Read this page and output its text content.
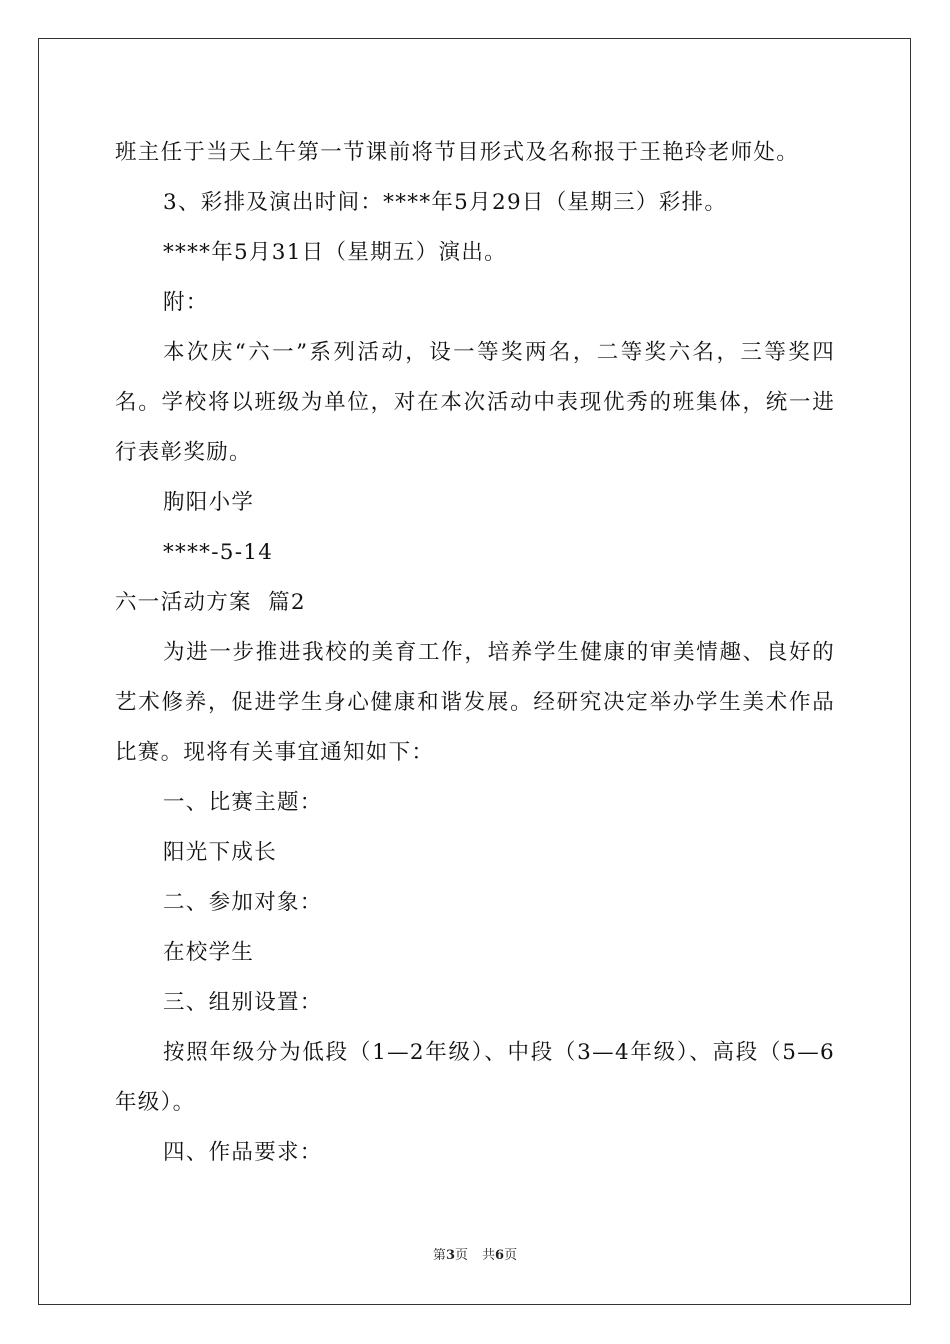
班主任于当天上午第一节课前将节目形式及名称报于王艳玲老师处。

3、彩排及演出时间：****年5月29日（星期三）彩排。

****年5月31日（星期五）演出。

附：

本次庆“六一”系列活动，设一等奖两名，二等奖六名，三等奖四名。学校将以班级为单位，对在本次活动中表现优秀的班集体，统一进行表彰奖励。

朐阳小学

****-5-14

六一活动方案  篇2

为进一步推进我校的美育工作，培养学生健康的审美情趣、良好的艺术修养，促进学生身心健康和谐发展。经研究决定举办学生美术作品比赛。现将有关事宜通知如下：

一、比赛主题：

阳光下成长

二、参加对象：

在校学生

三、组别设置：

按照年级分为低段（1—2年级）、中段（3—4年级）、高段（5—6年级）。

四、作品要求：

第3页 共6页
